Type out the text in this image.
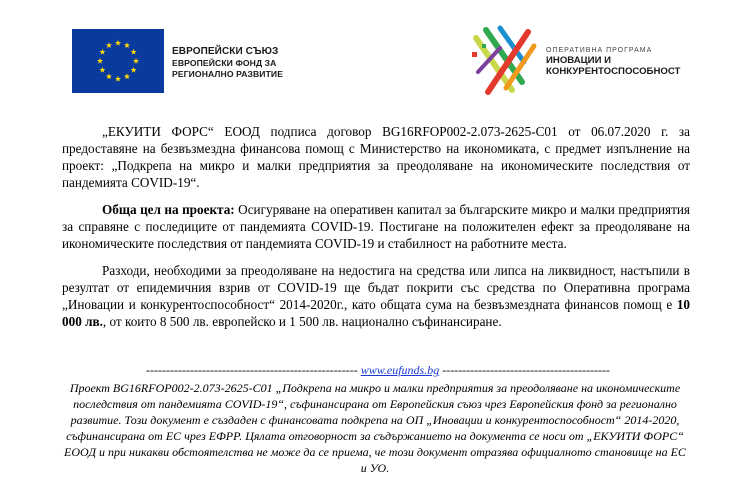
ЕВРОПЕЙСКИ СЪЮЗ
ЕВРОПЕЙСКИ ФОНД ЗА
РЕГИОНАЛНО РАЗВИТИЕ
ОПЕРАТИВНА ПРОГРАМА
ИНОВАЦИИ И
КОНКУРЕНТОСПОСОБНОСТ

„ЕКУИТИ ФОРС“ ЕООД подписа договор BG16RFOP002-2.073-2625-C01 от 06.07.2020 г. за предоставяне на безвъзмездна финансова помощ с Министерство на икономиката, с предмет изпълнение на проект: „Подкрепа на микро и малки предприятия за преодоляване на икономическите последствия от пандемията COVID-19“.

Обща цел на проекта: Осигуряване на оперативен капитал за българските микро и малки предприятия за справяне с последиците от пандемията COVID-19. Постигане на положителен ефект за преодоляване на икономическите последствия от пандемията COVID-19 и стабилност на работните места.

Разходи, необходими за преодоляване на недостига на средства или липса на ликвидност, настъпили в резултат от епидемичния взрив от COVID-19 ще бъдат покрити със средства по Оперативна програма „Иновации и конкурентоспособност“ 2014-2020г., като общата сума на безвъзмездната финансов помощ е 10 000 лв., от които 8 500 лв. европейско и 1 500 лв. национално съфинансиране.

----------------------------------------------------- www.eufunds.bg ------------------------------------------

Проект BG16RFOP002-2.073-2625-C01 „Подкрепа на микро и малки предприятия за преодоляване на икономическите последствия от пандемията COVID-19“, съфинансирана от Европейския съюз чрез Европейския фонд за регионално развитие. Този документ е създаден с финансовата подкрепа на ОП „Иновации и конкурентоспособност“ 2014-2020, съфинансирана от ЕС чрез ЕФРР. Цялата отговорност за съдържанието на документа се носи от „ЕКУИТИ ФОРС“ ЕООД и при никакви обстоятелства не може да се приема, че този документ отразява официалното становище на ЕС и УО.
